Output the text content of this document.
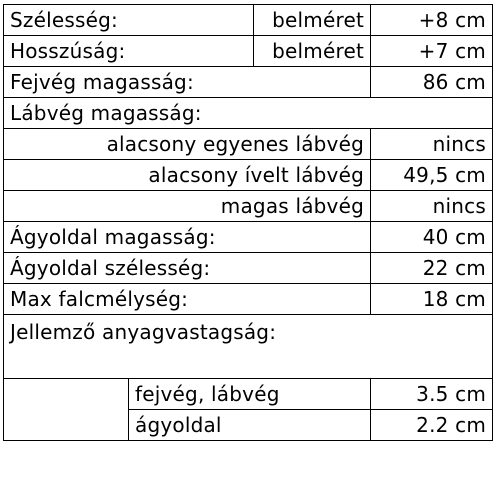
Szélesség:		belméret	+8 cm
Hosszúság:		belméret	+7 cm
Fejvég magasság:			86 cm
Lábvég magasság:			
alacsony egyenes lábvég			nincs
alacsony ívelt lábvég			49,5 cm
magas lábvég			nincs
Ágyoldal magasság:			40 cm
Ágyoldal szélesség:			22 cm
Max falcmélység:			18 cm
Jellemző anyagvastagság:			
	fejvég, lábvég		3.5 cm
	ágyoldal		2.2 cm
